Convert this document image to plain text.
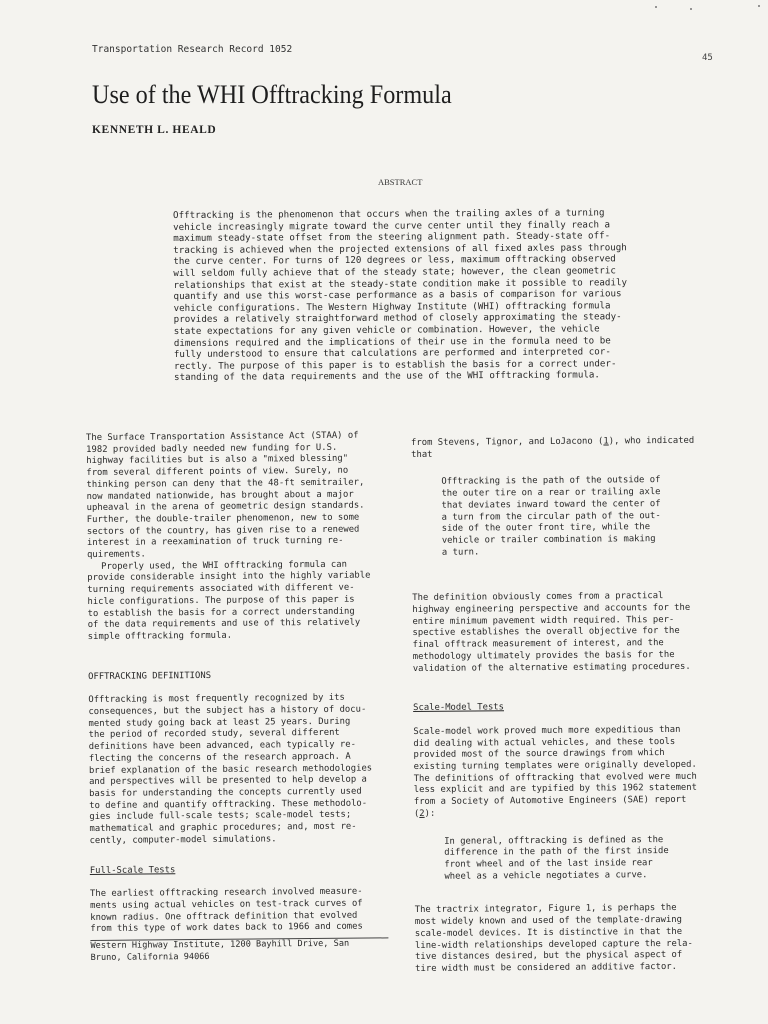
Transportation Research Record 1052
45
Use of the WHI Offtracking Formula
KENNETH L. HEALD
ABSTRACT
Offtracking is the phenomenon that occurs when the trailing axles of a turning
vehicle increasingly migrate toward the curve center until they finally reach a
maximum steady-state offset from the steering alignment path. Steady-state off-
tracking is achieved when the projected extensions of all fixed axles pass through
the curve center. For turns of 120 degrees or less, maximum offtracking observed
will seldom fully achieve that of the steady state; however, the clean geometric
relationships that exist at the steady-state condition make it possible to readily
quantify and use this worst-case performance as a basis of comparison for various
vehicle configurations. The Western Highway Institute (WHI) offtracking formula
provides a relatively straightforward method of closely approximating the steady-
state expectations for any given vehicle or combination. However, the vehicle
dimensions required and the implications of their use in the formula need to be
fully understood to ensure that calculations are performed and interpreted cor-
rectly. The purpose of this paper is to establish the basis for a correct under-
standing of the data requirements and the use of the WHI offtracking formula.

The Surface Transportation Assistance Act (STAA) of
1982 provided badly needed new funding for U.S.
highway facilities but is also a "mixed blessing"
from several different points of view. Surely, no
thinking person can deny that the 48-ft semitrailer,
now mandated nationwide, has brought about a major
upheaval in the arena of geometric design standards.
Further, the double-trailer phenomenon, new to some
sectors of the country, has given rise to a renewed
interest in a reexamination of truck turning re-
quirements.

Properly used, the WHI offtracking formula can
provide considerable insight into the highly variable
turning requirements associated with different ve-
hicle configurations. The purpose of this paper is
to establish the basis for a correct understanding
of the data requirements and use of this relatively
simple offtracking formula.

OFFTRACKING DEFINITIONS

Offtracking is most frequently recognized by its
consequences, but the subject has a history of docu-
mented study going back at least 25 years. During
the period of recorded study, several different
definitions have been advanced, each typically re-
flecting the concerns of the research approach. A
brief explanation of the basic research methodologies
and perspectives will be presented to help develop a
basis for understanding the concepts currently used
to define and quantify offtracking. These methodolo-
gies include full-scale tests; scale-model tests;
mathematical and graphic procedures; and, most re-
cently, computer-model simulations.

Full-Scale Tests

The earliest offtracking research involved measure-
ments using actual vehicles on test-track curves of
known radius. One offtrack definition that evolved
from this type of work dates back to 1966 and comes

Western Highway Institute, 1200 Bayhill Drive, San
Bruno, California 94066

from Stevens, Tignor, and LoJacono (1), who indicated
that

Offtracking is the path of the outside of
the outer tire on a rear or trailing axle
that deviates inward toward the center of
a turn from the circular path of the out-
side of the outer front tire, while the
vehicle or trailer combination is making
a turn.

The definition obviously comes from a practical
highway engineering perspective and accounts for the
entire minimum pavement width required. This per-
spective establishes the overall objective for the
final offtrack measurement of interest, and the
methodology ultimately provides the basis for the
validation of the alternative estimating procedures.

Scale-Model Tests

Scale-model work proved much more expeditious than
did dealing with actual vehicles, and these tools
provided most of the source drawings from which
existing turning templates were originally developed.
The definitions of offtracking that evolved were much
less explicit and are typified by this 1962 statement
from a Society of Automotive Engineers (SAE) report
(2):

In general, offtracking is defined as the
difference in the path of the first inside
front wheel and of the last inside rear
wheel as a vehicle negotiates a curve.

The tractrix integrator, Figure 1, is perhaps the
most widely known and used of the template-drawing
scale-model devices. It is distinctive in that the
line-width relationships developed capture the rela-
tive distances desired, but the physical aspect of
tire width must be considered an additive factor.
